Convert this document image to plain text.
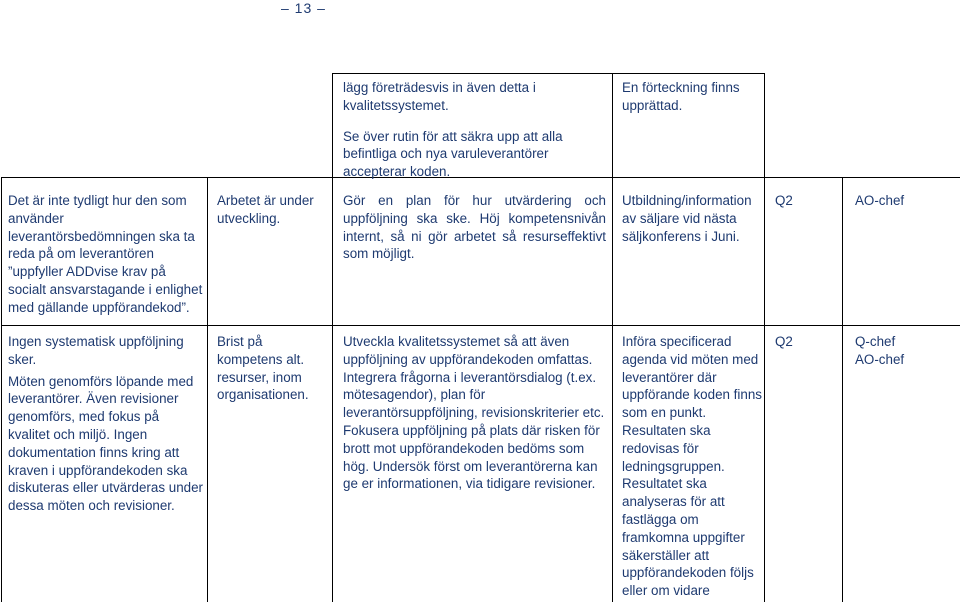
– 13 –

lägg företrädesvis in även detta i kvalitetssystemet.

Se över rutin för att säkra upp att alla befintliga och nya varuleverantörer accepterar koden.

En förteckning finns upprättad.

Det är inte tydligt hur den som använder leverantörsbedömningen ska ta reda på om leverantören ”uppfyller ADDvise krav på socialt ansvarstagande i enlighet med gällande uppförandekod”.

Arbetet är under utveckling.

Gör en plan för hur utvärdering och uppföljning ska ske. Höj kompetensnivån internt, så ni gör arbetet så resurseffektivt som möjligt.

Utbildning/information av säljare vid nästa säljkonferens i Juni.

Q2	AO-chef

Ingen systematisk uppföljning sker.

Möten genomförs löpande med leverantörer. Även revisioner genomförs, med fokus på kvalitet och miljö. Ingen dokumentation finns kring att kraven i uppförandekoden ska diskuteras eller utvärderas under dessa möten och revisioner.

Brist på kompetens alt. resurser, inom organisationen.

Utveckla kvalitetssystemet så att även uppföljning av uppförandekoden omfattas. Integrera frågorna i leverantörsdialog (t.ex. mötesagendor), plan för leverantörsuppföljning, revisionskriterier etc. Fokusera uppföljning på plats där risken för brott mot uppförandekoden bedöms som hög. Undersök först om leverantörerna kan ge er informationen, via tidigare revisioner.

Införa specificerad agenda vid möten med leverantörer där uppförande koden finns som en punkt. Resultaten ska redovisas för ledningsgruppen. Resultatet ska analyseras för att fastlägga om framkomna uppgifter säkerställer att uppförandekoden följs eller om vidare

Q2	Q-chef

AO-chef
